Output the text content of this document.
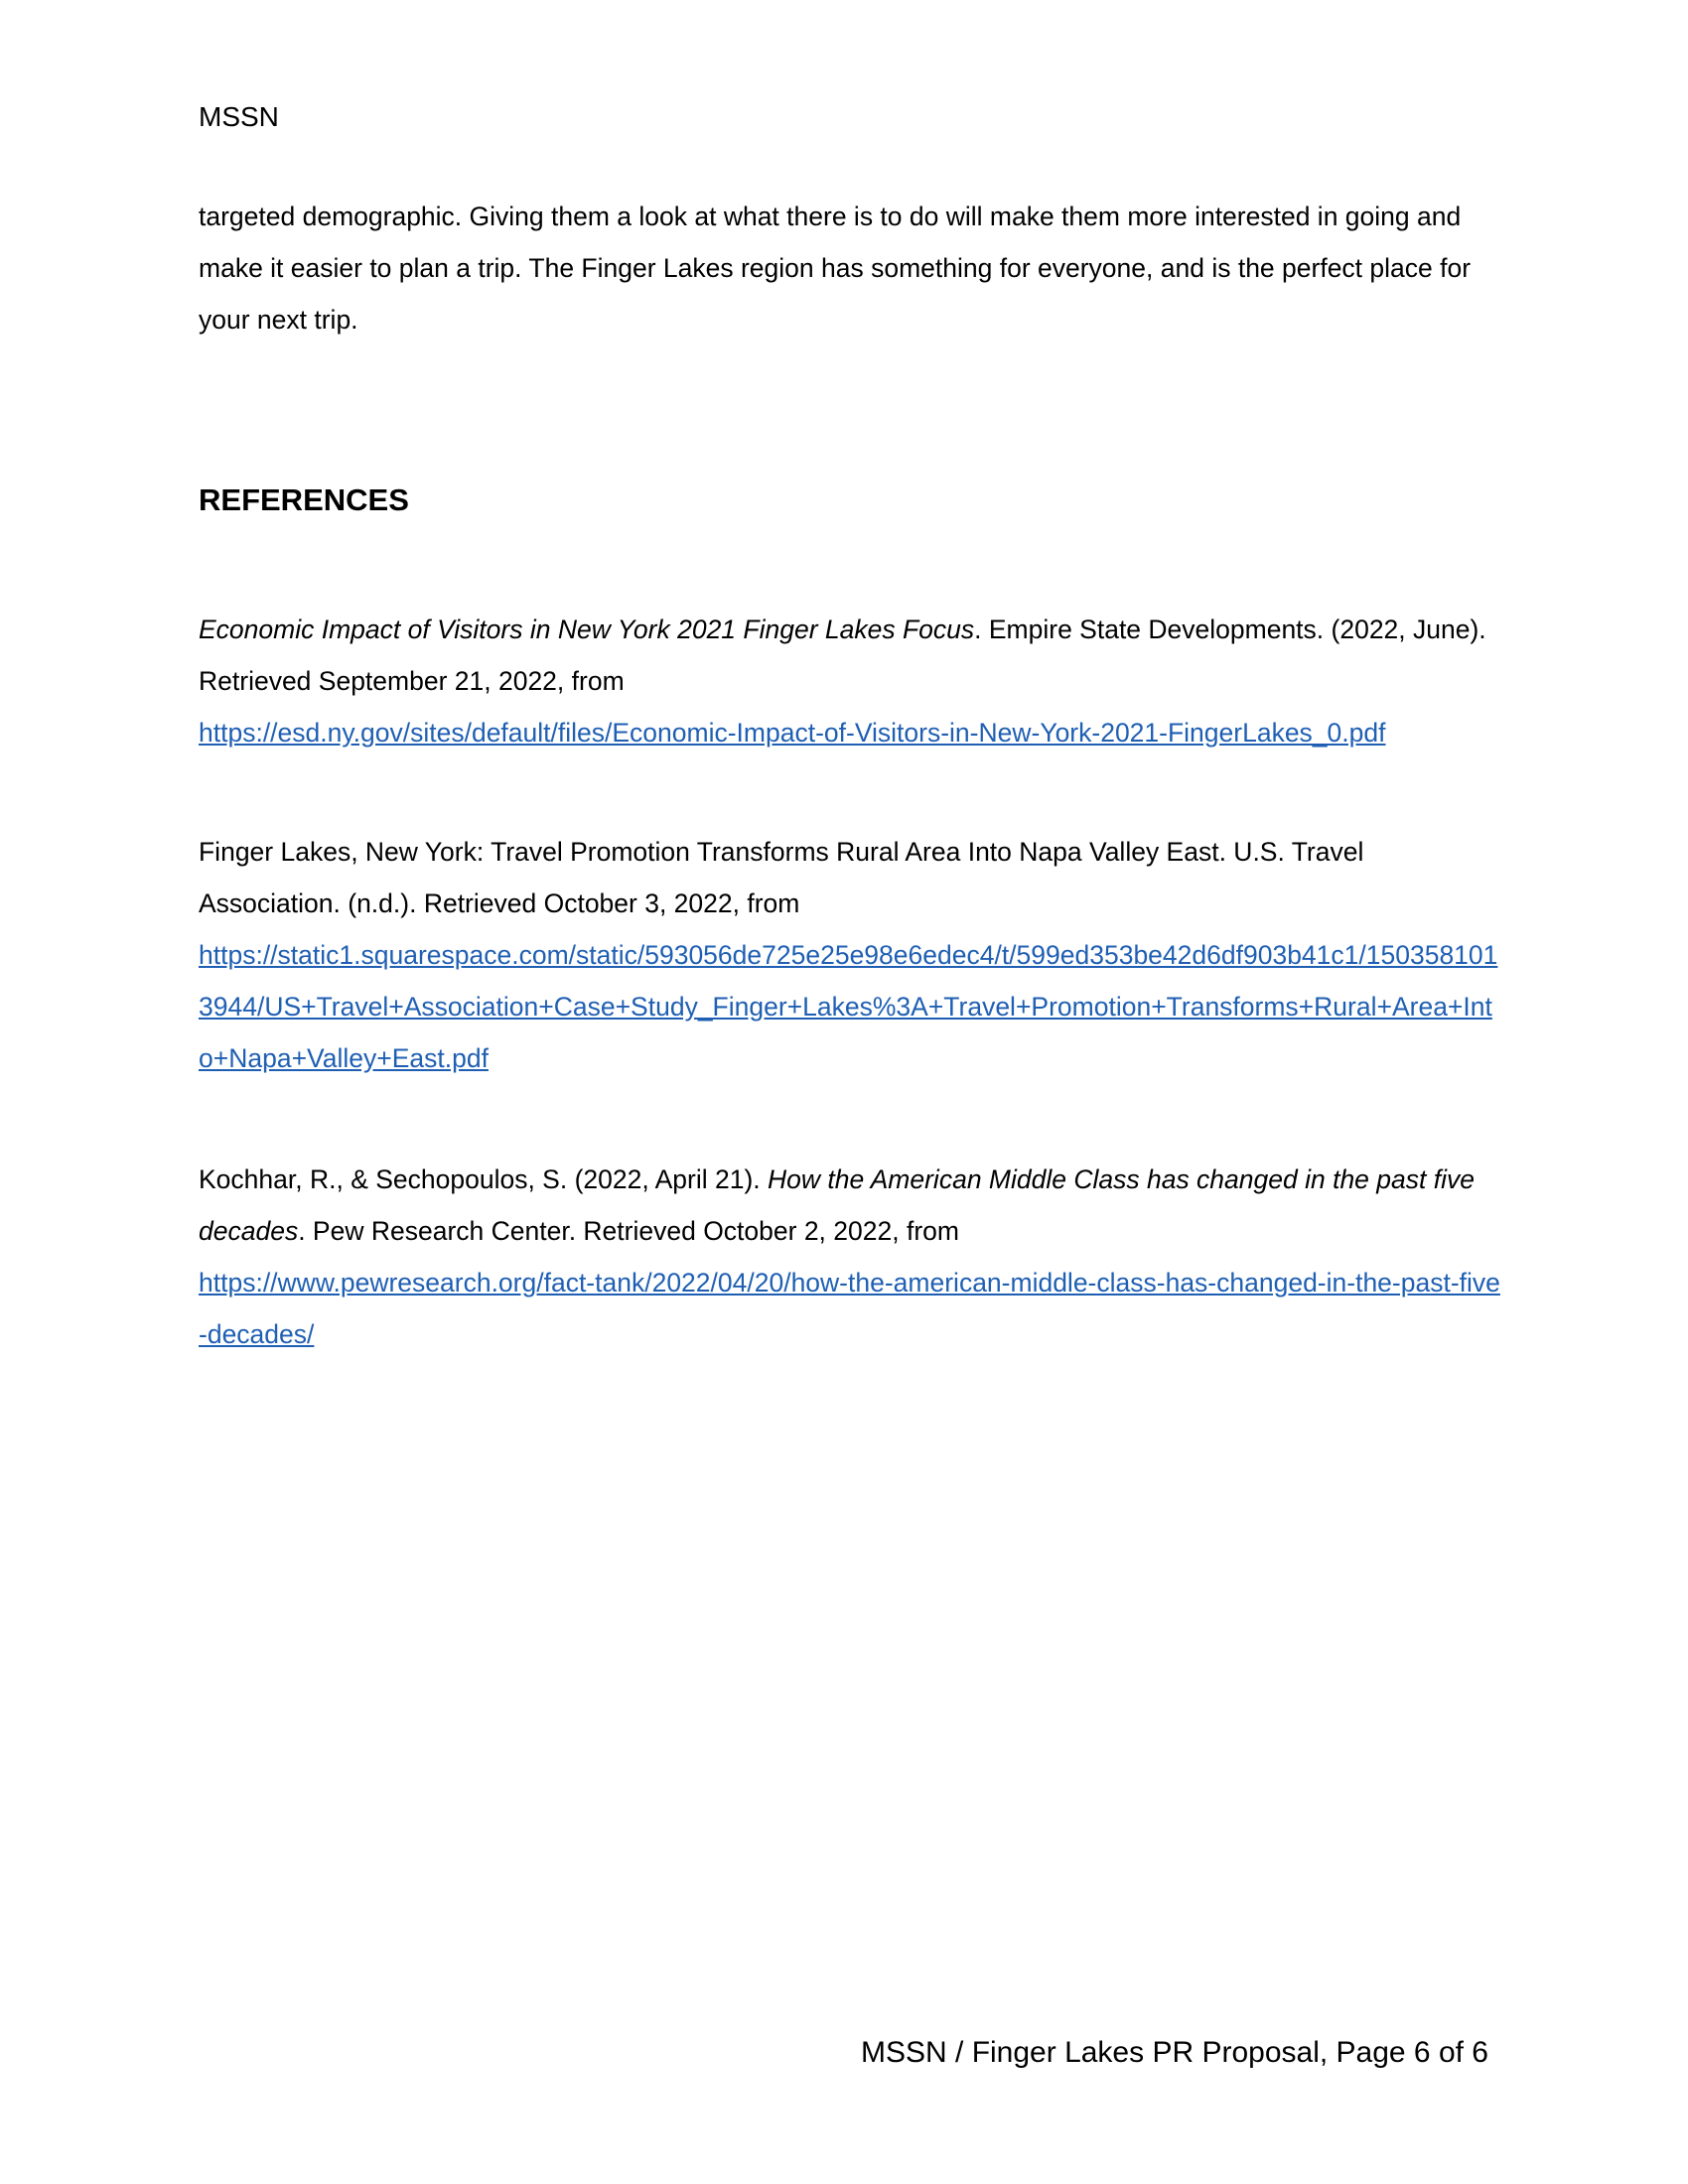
MSSN

targeted demographic. Giving them a look at what there is to do will make them more interested in going and make it easier to plan a trip. The Finger Lakes region has something for everyone, and is the perfect place for your next trip.

REFERENCES
Economic Impact of Visitors in New York 2021 Finger Lakes Focus. Empire State Developments. (2022, June). Retrieved September 21, 2022, from
https://esd.ny.gov/sites/default/files/Economic-Impact-of-Visitors-in-New-York-2021-FingerLakes_0.pdf
Finger Lakes, New York: Travel Promotion Transforms Rural Area Into Napa Valley East. U.S. Travel Association. (n.d.). Retrieved October 3, 2022, from
https://static1.squarespace.com/static/593056de725e25e98e6edec4/t/599ed353be42d6df903b41c1/1503581013944/US+Travel+Association+Case+Study_Finger+Lakes%3A+Travel+Promotion+Transforms+Rural+Area+Into+Napa+Valley+East.pdf
Kochhar, R., & Sechopoulos, S. (2022, April 21). How the American Middle Class has changed in the past five decades. Pew Research Center. Retrieved October 2, 2022, from
https://www.pewresearch.org/fact-tank/2022/04/20/how-the-american-middle-class-has-changed-in-the-past-five-decades/
MSSN / Finger Lakes PR Proposal, Page 6 of 6
